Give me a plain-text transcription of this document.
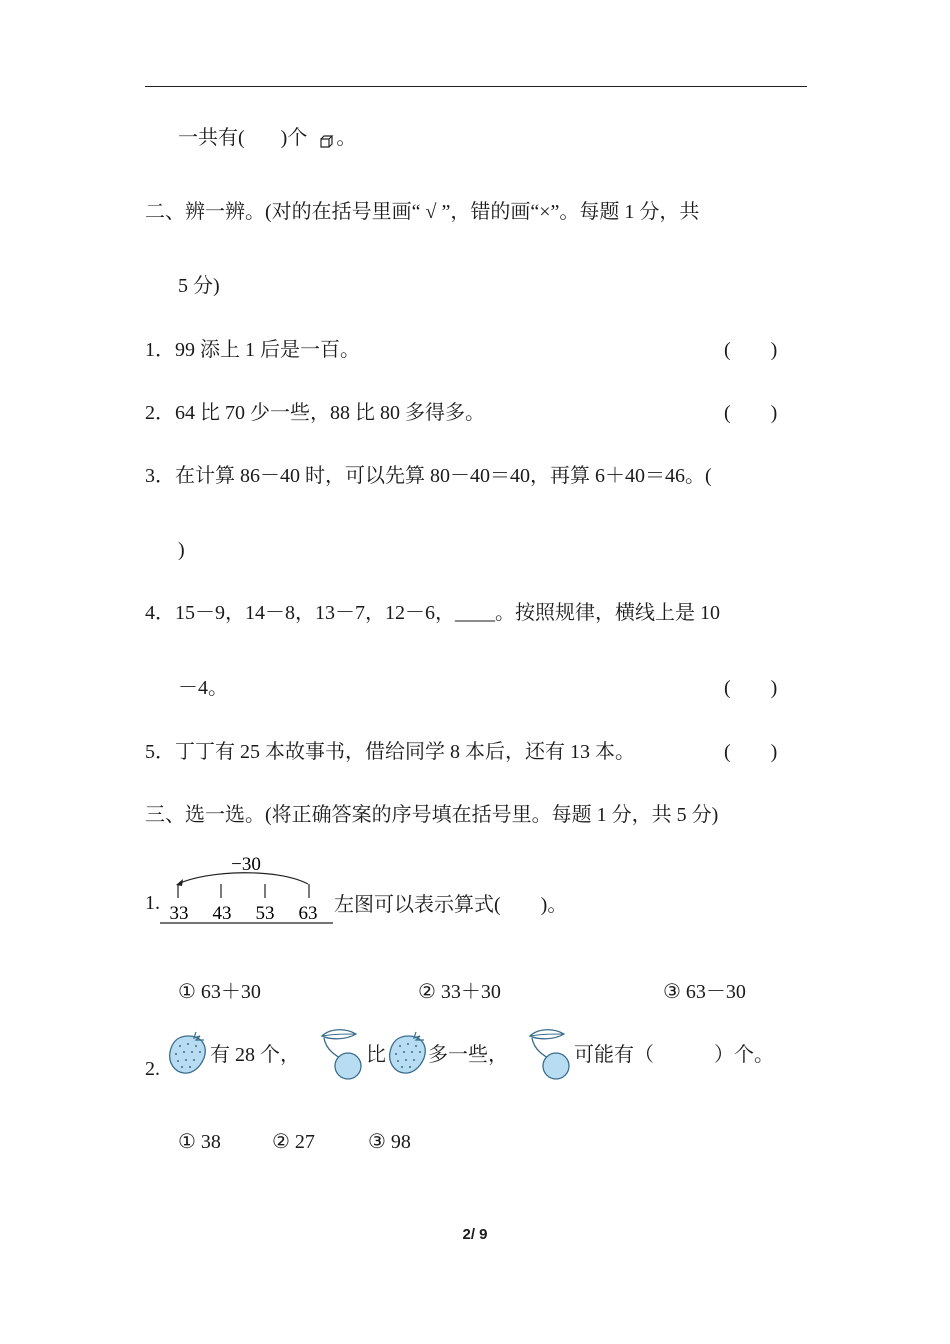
一共有( )个 。
二、辨一辨。(对的在括号里画“ √ ”，错的画“×”。每题 1 分，共
5 分)
1．99 添上 1 后是一百。	(　　)
2．64 比 70 少一些，88 比 80 多得多。	(　　)
3．在计算 86－40 时，可以先算 80－40＝40，再算 6＋40＝46。(
)
4．15－9，14－8，13－7，12－6，____。按照规律，横线上是 10
－4。	(　　)
5．丁丁有 25 本故事书，借给同学 8 本后，还有 13 本。	(　　)
三、选一选。(将正确答案的序号填在括号里。每题 1 分，共 5 分)
1.
−30
33 43 53 63 左图可以表示算式(　　)。
① 63＋30	② 33＋30	③ 63－30
2.
有 28 个，	比 多一些，	可能有（　　　）个。
① 38	② 27	③ 98
2/ 9
